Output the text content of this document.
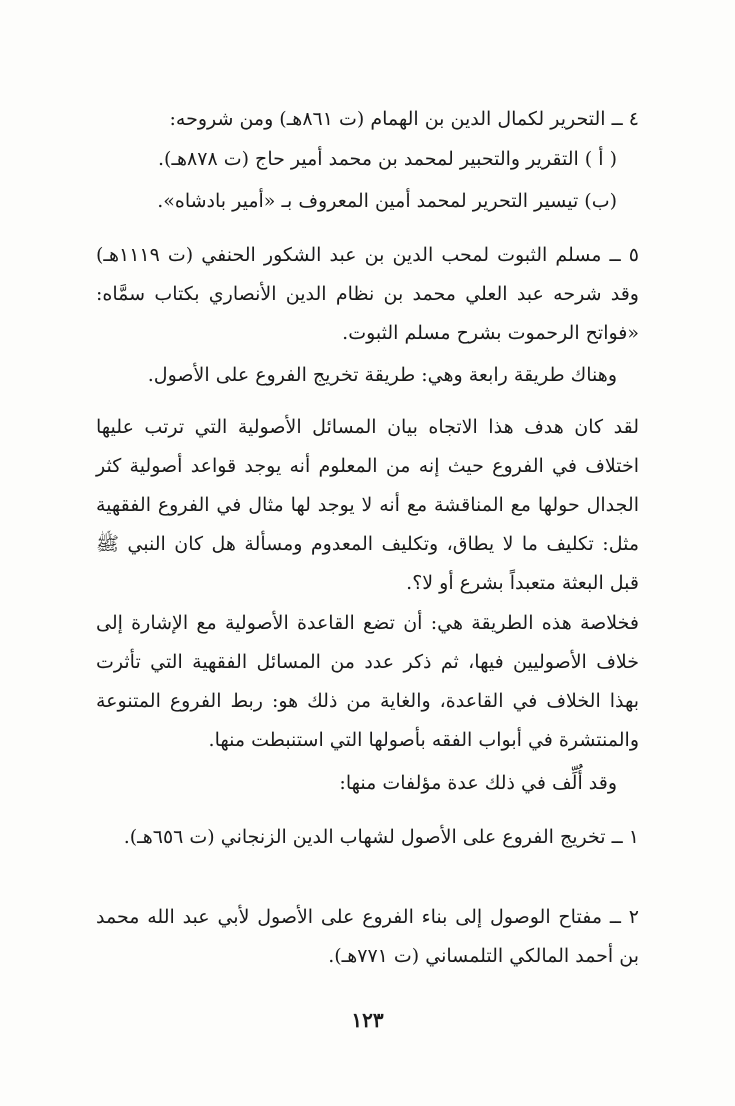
٤ ــ التحرير لكمال الدين بن الهمام (ت ٨٦١هـ) ومن شروحه:

( أ ) التقرير والتحبير لمحمد بن محمد أمير حاج (ت ٨٧٨هـ).

(ب) تيسير التحرير لمحمد أمين المعروف بـ «أمير بادشاه».

٥ ــ مسلم الثبوت لمحب الدين بن عبد الشكور الحنفي (ت ١١١٩هـ) وقد شرحه عبد العلي محمد بن نظام الدين الأنصاري بكتاب سمَّاه: «فواتح الرحموت بشرح مسلم الثبوت.

وهناك طريقة رابعة وهي: طريقة تخريج الفروع على الأصول.

لقد كان هدف هذا الاتجاه بيان المسائل الأصولية التي ترتب عليها اختلاف في الفروع حيث إنه من المعلوم أنه يوجد قواعد أصولية كثر الجدال حولها مع المناقشة مع أنه لا يوجد لها مثال في الفروع الفقهية مثل: تكليف ما لا يطاق، وتكليف المعدوم ومسألة هل كان النبي ﷺ قبل البعثة متعبداً بشرع أو لا؟.

فخلاصة هذه الطريقة هي: أن تضع القاعدة الأصولية مع الإشارة إلى خلاف الأصوليين فيها، ثم ذكر عدد من المسائل الفقهية التي تأثرت بهذا الخلاف في القاعدة، والغاية من ذلك هو: ربط الفروع المتنوعة والمنتشرة في أبواب الفقه بأصولها التي استنبطت منها.

وقد أُلِّف في ذلك عدة مؤلفات منها:

١ ــ تخريج الفروع على الأصول لشهاب الدين الزنجاني (ت ٦٥٦هـ).

٢ ــ مفتاح الوصول إلى بناء الفروع على الأصول لأبي عبد الله محمد بن أحمد المالكي التلمساني (ت ٧٧١هـ).

١٢٣
